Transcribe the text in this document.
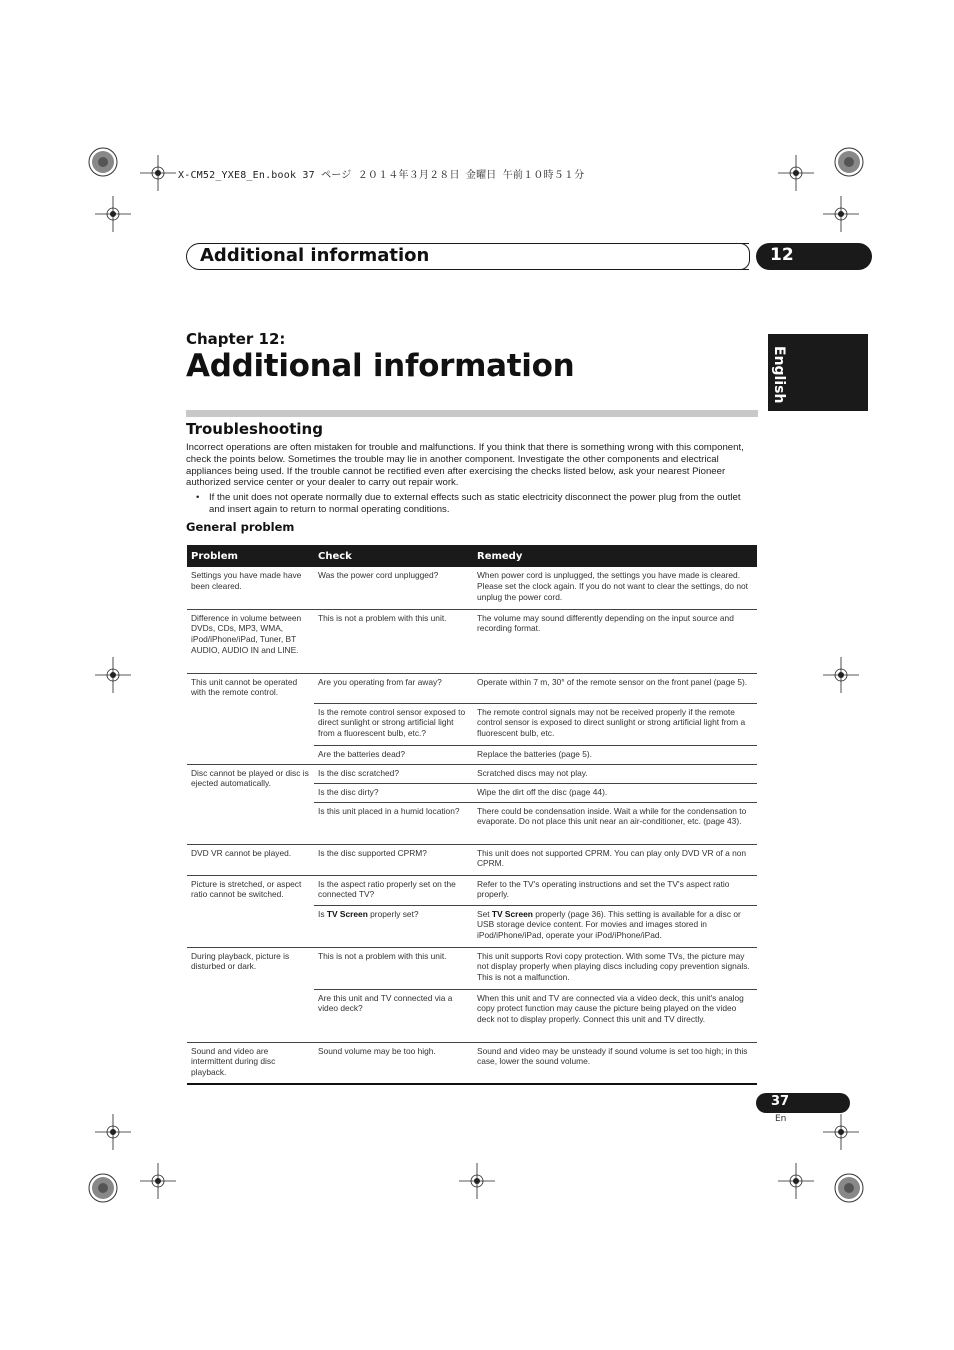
X-CM52_YXE8_En.book 37 ページ ２０１４年３月２８日 金曜日 午前１０時５１分
Additional information	12
English
Chapter 12:
Additional information
Troubleshooting
Incorrect operations are often mistaken for trouble and malfunctions. If you think that there is something wrong with this component, check the points below. Sometimes the trouble may lie in another component. Investigate the other components and electrical appliances being used. If the trouble cannot be rectified even after exercising the checks listed below, ask your nearest Pioneer authorized service center or your dealer to carry out repair work.
• If the unit does not operate normally due to external effects such as static electricity disconnect the power plug from the outlet and insert again to return to normal operating conditions.
General problem
Problem	Check	Remedy
Settings you have made have been cleared.	Was the power cord unplugged?	When power cord is unplugged, the settings you have made is cleared. Please set the clock again. If you do not want to clear the settings, do not unplug the power cord.
Difference in volume between DVDs, CDs, MP3, WMA, iPod/iPhone/iPad, Tuner, BT AUDIO, AUDIO IN and LINE.	This is not a problem with this unit.	The volume may sound differently depending on the input source and recording format.
This unit cannot be operated with the remote control.	Are you operating from far away?	Operate within 7 m, 30° of the remote sensor on the front panel (page 5).
	Is the remote control sensor exposed to direct sunlight or strong artificial light from a fluorescent bulb, etc.?	The remote control signals may not be received properly if the remote control sensor is exposed to direct sunlight or strong artificial light from a fluorescent bulb, etc.
	Are the batteries dead?	Replace the batteries (page 5).
Disc cannot be played or disc is ejected automatically.	Is the disc scratched?	Scratched discs may not play.
	Is the disc dirty?	Wipe the dirt off the disc (page 44).
	Is this unit placed in a humid location?	There could be condensation inside. Wait a while for the condensation to evaporate. Do not place this unit near an air-conditioner, etc. (page 43).
DVD VR cannot be played.	Is the disc supported CPRM?	This unit does not supported CPRM. You can play only DVD VR of a non CPRM.
Picture is stretched, or aspect ratio cannot be switched.	Is the aspect ratio properly set on the connected TV?	Refer to the TV's operating instructions and set the TV's aspect ratio properly.
	Is TV Screen properly set?	Set TV Screen properly (page 36). This setting is available for a disc or USB storage device content. For movies and images stored in iPod/iPhone/iPad, operate your iPod/iPhone/iPad.
During playback, picture is disturbed or dark.	This is not a problem with this unit.	This unit supports Rovi copy protection. With some TVs, the picture may not display properly when playing discs including copy prevention signals. This is not a malfunction.
	Are this unit and TV connected via a video deck?	When this unit and TV are connected via a video deck, this unit's analog copy protect function may cause the picture being played on the video deck not to display properly. Connect this unit and TV directly.
Sound and video are intermittent during disc playback.	Sound volume may be too high.	Sound and video may be unsteady if sound volume is set too high; in this case, lower the sound volume.
37
En
